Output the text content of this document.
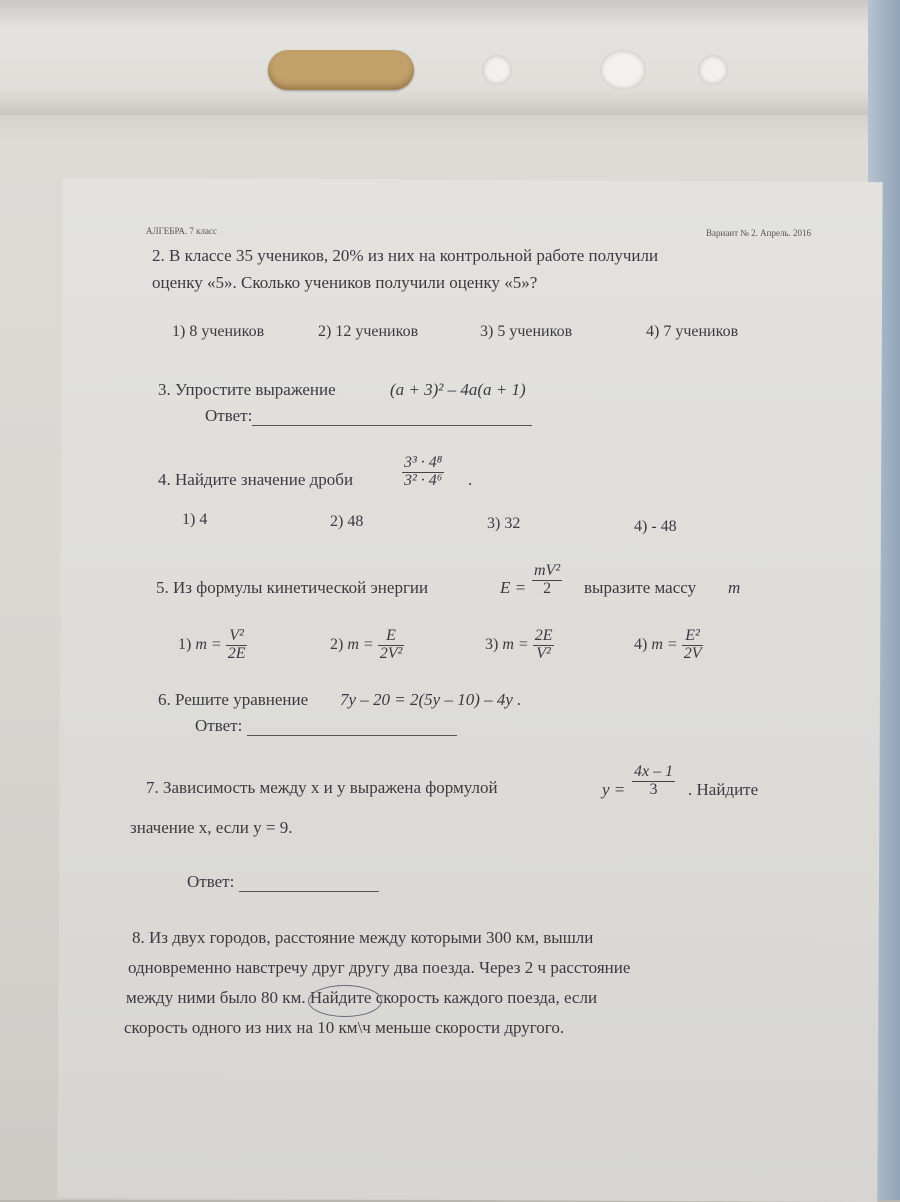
АЛГЕБРА. 7 класс	Вариант № 2. Апрель. 2016
2. В классе 35 учеников, 20% из них на контрольной работе получили
оценку «5». Сколько учеников получили оценку «5»?
1) 8 учеников	2) 12 учеников	3) 5 учеников	4) 7 учеников
3. Упростите выражение	(a + 3)² – 4a(a + 1)
Ответ:
4. Найдите значение дроби	$\frac{\text{3³ · 4⁸}}{\text{3² · 4⁶}}$ .
1) 4	2) 48	3) 32	4) - 48
5. Из формулы кинетической энергии	$E = \frac{\text{mV²}}{2}$ выразите массу m
1) $m = \frac{\text{V²}}{2E}$	2) $m = \frac{E}{\text{2V²}}$	3) $m = \frac{2E}{\text{V²}}$	4) $m = \frac{\text{E²}}{2V}$
6. Решите уравнение 7y – 20 = 2(5y – 10) – 4y .
Ответ:
7. Зависимость между х и у выражена формулой	$y = \frac{4x - 1}{3}$ . Найдите
значение x, если y = 9.
Ответ:
8. Из двух городов, расстояние между которыми 300 км, вышли
одновременно навстречу друг другу два поезда. Через 2 ч расстояние
между ними было 80 км. Найдите скорость каждого поезда, если
скорость одного из них на 10 км\ч меньше скорости другого.
